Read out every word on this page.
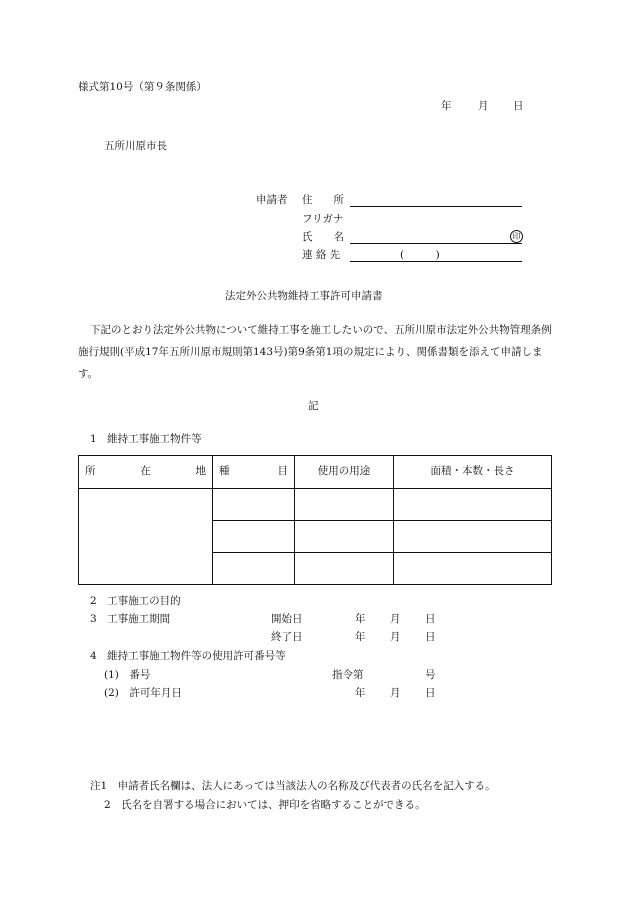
様式第10号（第９条関係）
年	月 日
五所川原市長
申請者 住　　所
フリガナ
氏　　名	印
連 絡 先	(　　　)
法定外公共物維持工事許可申請書
下記のとおり法定外公共物について維持工事を施工したいので、五所川原市法定外公共物管理条例施行規則(平成17年五所川原市規則第143号)第9条第1項の規定により、関係書類を添えて申請します。
記
1　維持工事施工物件等
所 在 地	種 目	使用の用途	面積・本数・長さ

2　工事施工の目的
3　工事施工期間	開始日	年 月 日
終了日	年 月 日
4　維持工事施工物件等の使用許可番号等
(1)　番号	指令第	号
(2)　許可年月日	年 月 日
注1　申請者氏名欄は、法人にあっては当該法人の名称及び代表者の氏名を記入する。
2　氏名を自署する場合においては、押印を省略することができる。
